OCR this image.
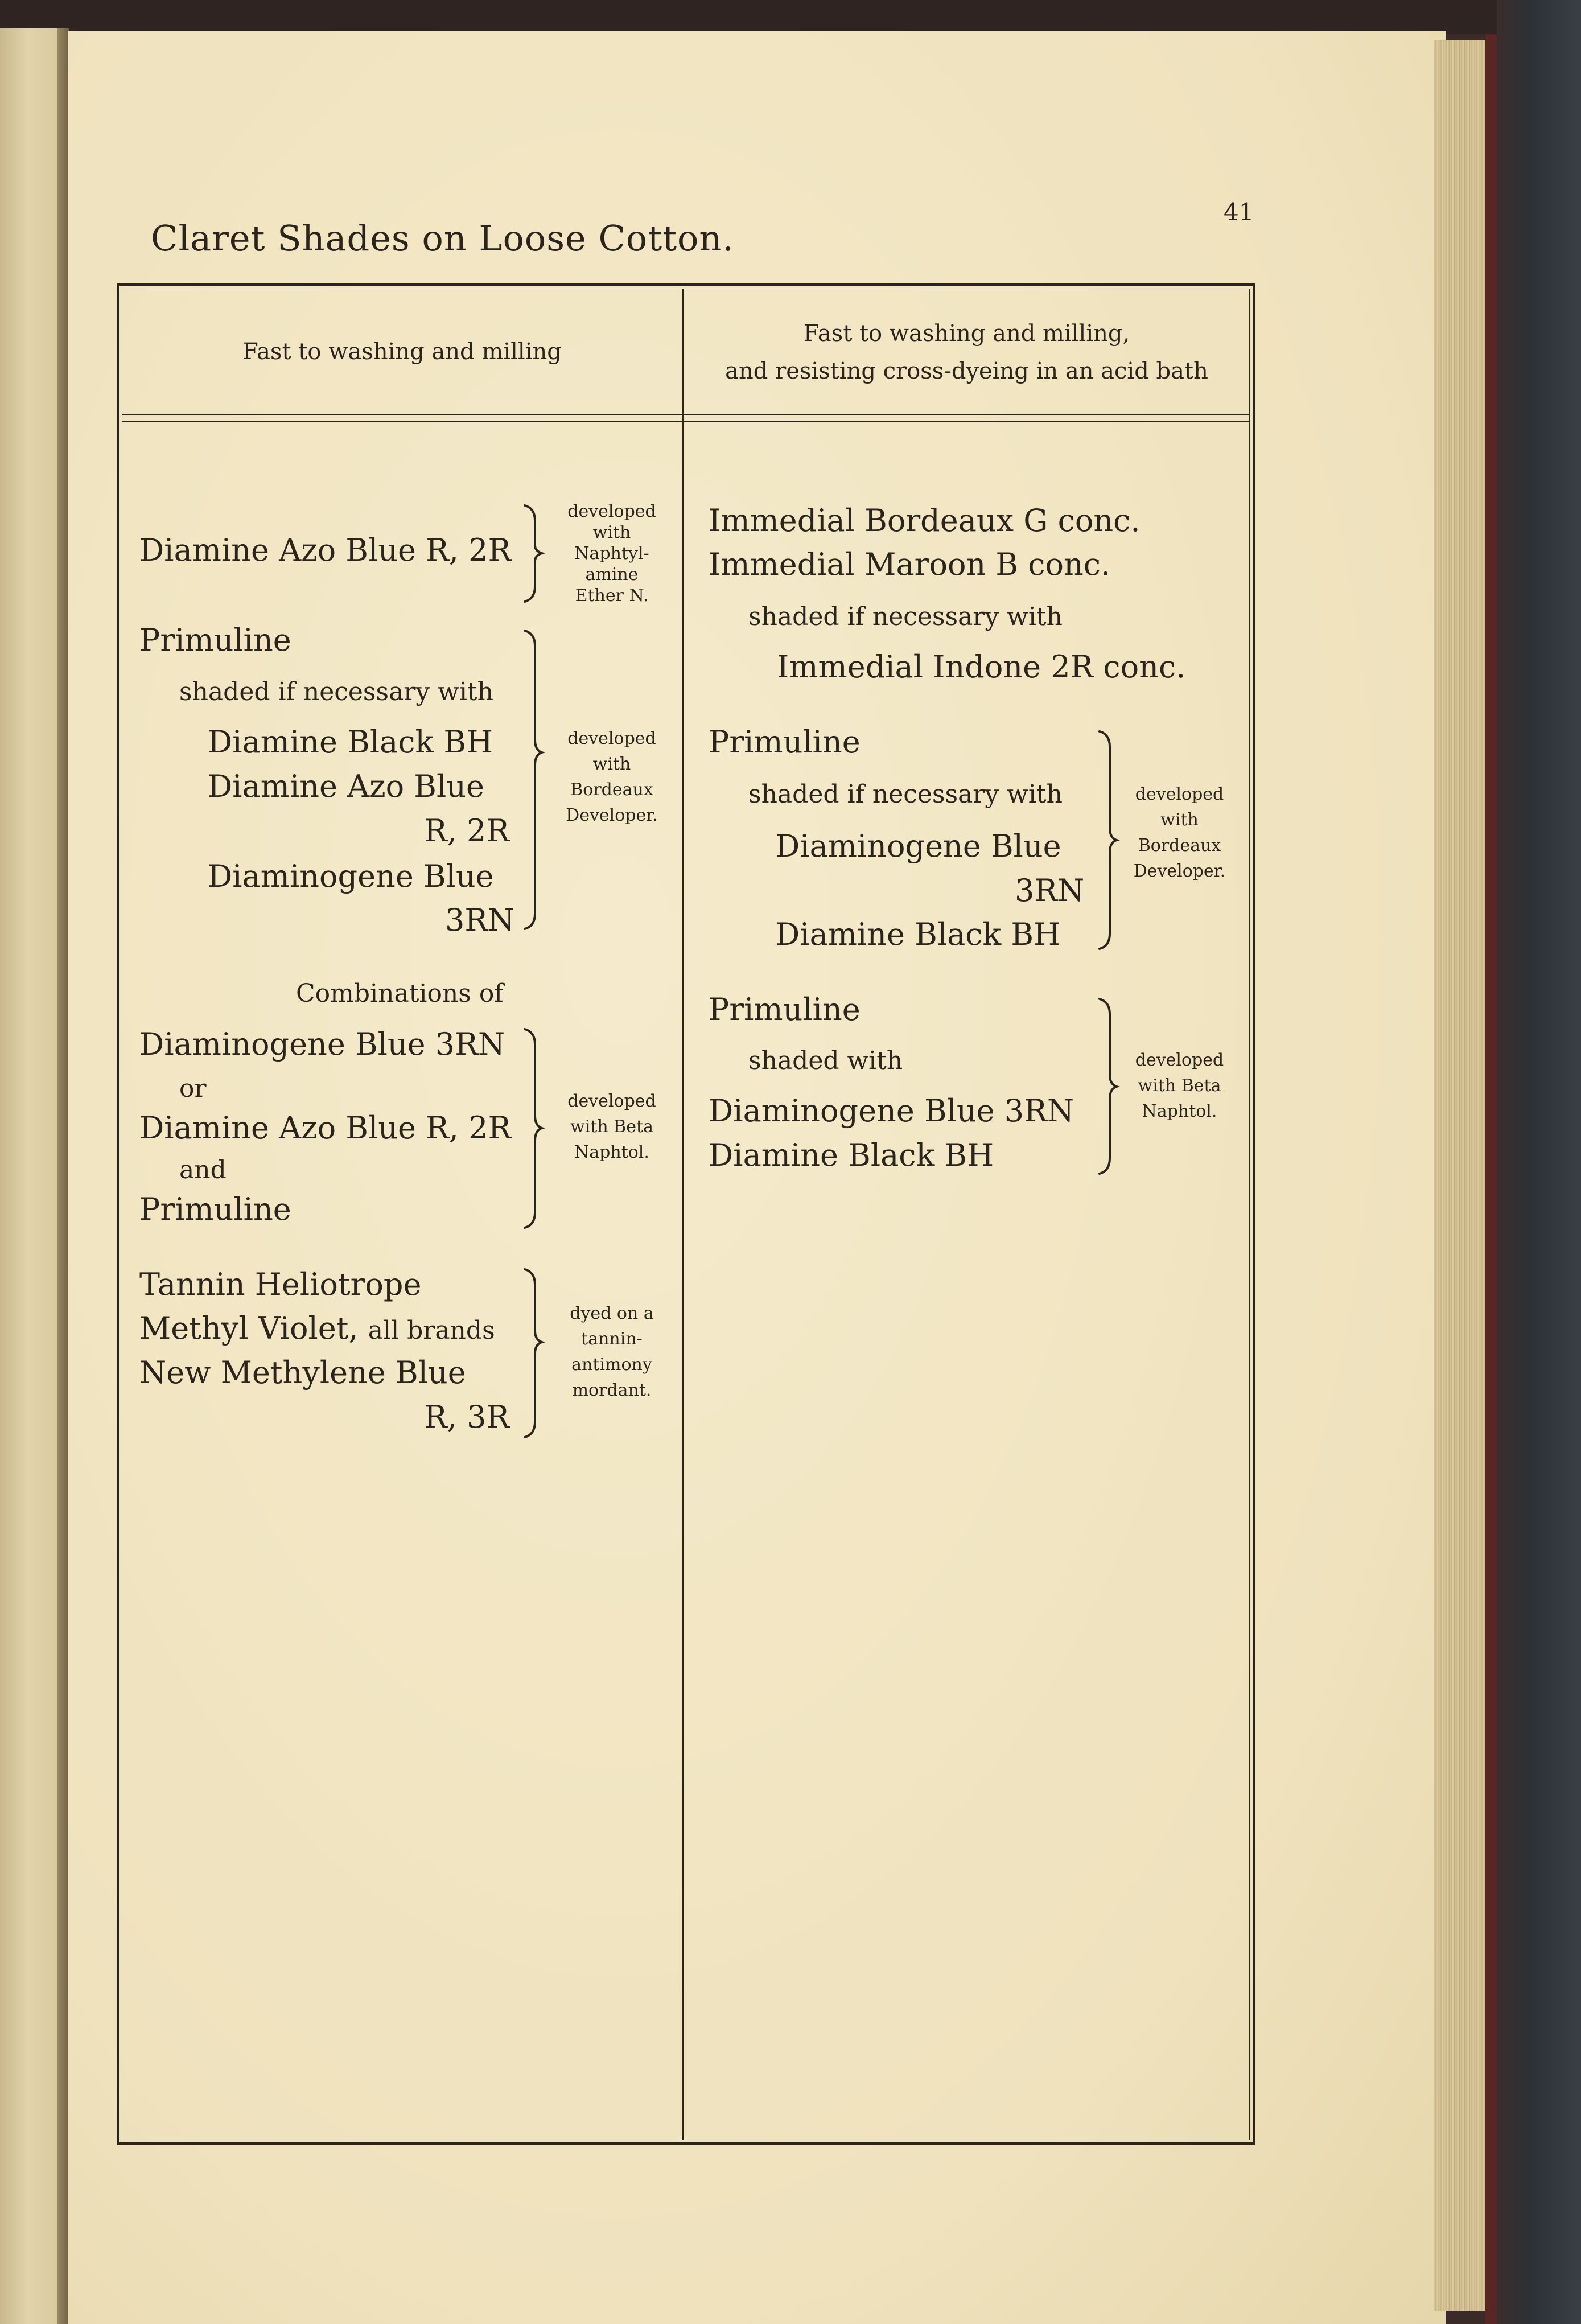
Claret Shades on Loose Cotton.
41
Fast to washing and milling
Fast to washing and milling,
and resisting cross-dyeing in an acid bath
Diamine Azo Blue R, 2R
developed
with
Naphtyl-
amine
Ether N.
Primuline
shaded if necessary with
Diamine Black BH
Diamine Azo Blue
R, 2R
Diaminogene Blue
3RN
developed
with
Bordeaux
Developer.
Combinations of
Diaminogene Blue 3RN
or
Diamine Azo Blue R, 2R
and
Primuline
developed
with Beta
Naphtol.
Tannin Heliotrope
Methyl Violet, all brands
New Methylene Blue
R, 3R
dyed on a
tannin-
antimony
mordant.
Immedial Bordeaux G conc.
Immedial Maroon B conc.
shaded if necessary with
Immedial Indone 2R conc.
Primuline
shaded if necessary with
Diaminogene Blue
3RN
Diamine Black BH
developed
with
Bordeaux
Developer.
Primuline
shaded with
Diaminogene Blue 3RN
Diamine Black BH
developed
with Beta
Naphtol.
